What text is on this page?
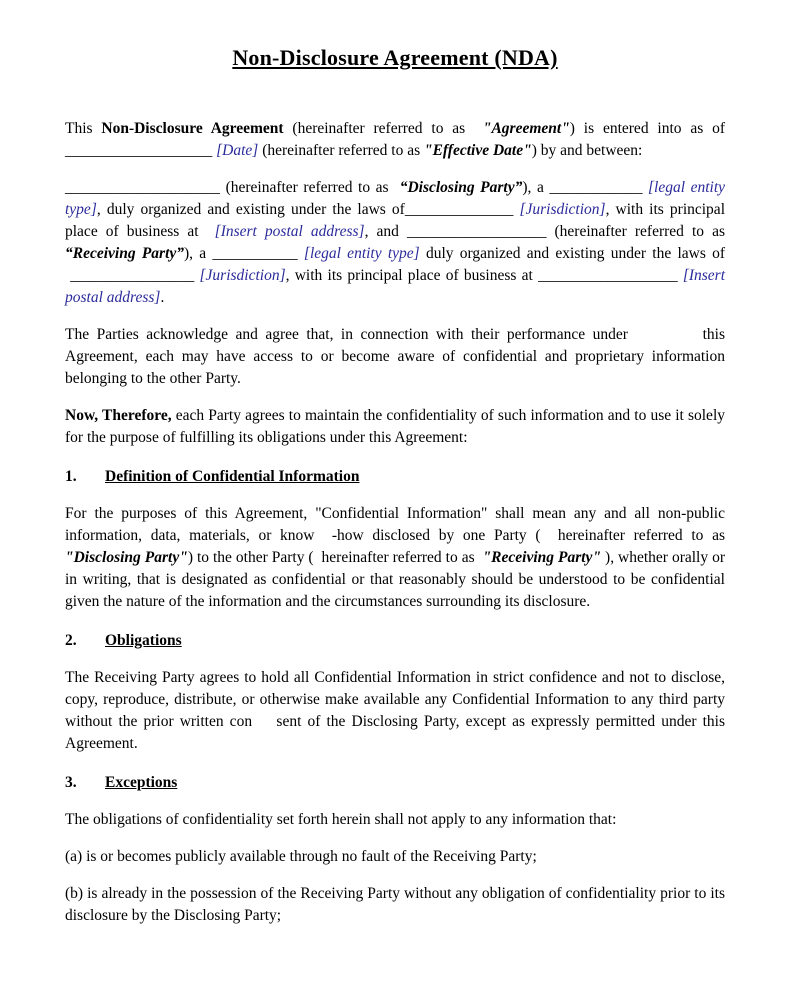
Non-Disclosure Agreement (NDA)

This Non-Disclosure Agreement (hereinafter referred to as  "Agreement") is entered into as of ___________________ [Date] (hereinafter referred to as "Effective Date") by and between:

____________________ (hereinafter referred to as  “Disclosing Party”), a ____________ [legal entity type], duly organized and existing under the laws of______________ [Jurisdiction], with its principal place of business at  [Insert postal address], and __________________ (hereinafter referred to as “Receiving Party”), a ___________ [legal entity type] duly organized and existing under the laws of  ________________ [Jurisdiction], with its principal place of business at __________________ [Insert postal address].

The Parties acknowledge and agree that, in connection with their performance under          this Agreement, each may have access to or become aware of confidential and proprietary information belonging to the other Party.

Now, Therefore, each Party agrees to maintain the confidentiality of such information and to use it solely for the purpose of fulfilling its obligations under this Agreement:

1. Definition of Confidential Information

For the purposes of this Agreement, "Confidential Information" shall mean any and all non-public information, data, materials, or know  -how disclosed by one Party (  hereinafter referred to as "Disclosing Party") to the other Party (  hereinafter referred to as  "Receiving Party" ), whether orally or in writing, that is designated as confidential or that reasonably should be understood to be confidential given the nature of the information and the circumstances surrounding its disclosure.

2. Obligations

The Receiving Party agrees to hold all Confidential Information in strict confidence and not to disclose, copy, reproduce, distribute, or otherwise make available any Confidential Information to any third party without the prior written con    sent of the Disclosing Party, except as expressly permitted under this Agreement.

3. Exceptions

The obligations of confidentiality set forth herein shall not apply to any information that:

(a) is or becomes publicly available through no fault of the Receiving Party;

(b) is already in the possession of the Receiving Party without any obligation of confidentiality prior to its disclosure by the Disclosing Party;
